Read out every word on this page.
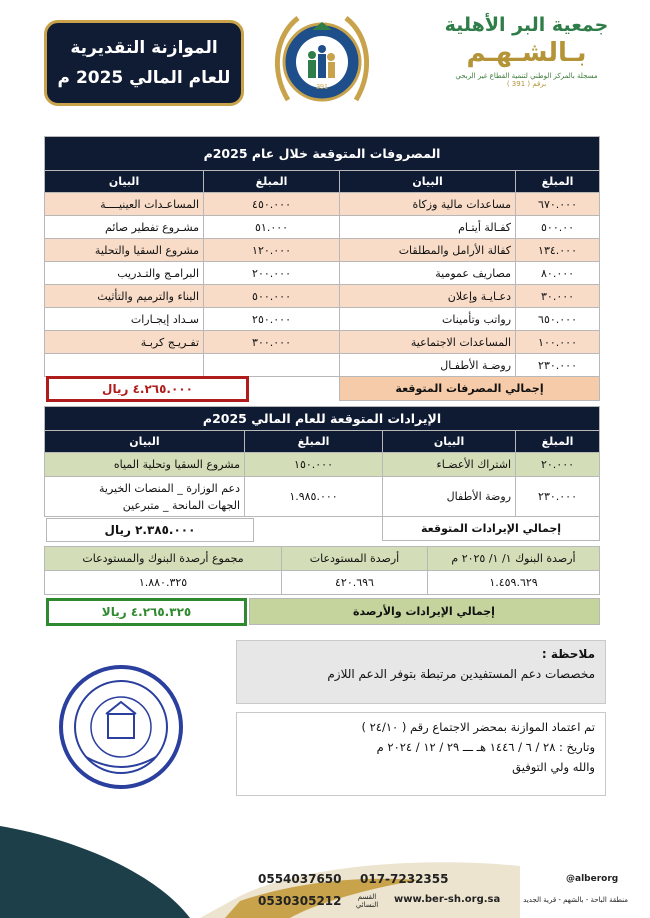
الموازنة التقديرية
للعام المالي 2025 م	391
جمعية البر الأهلية
بـالشـهـم
مسجلة بالمركز الوطني لتنمية القطاع غير الربحي
برقم ( 391 )
المصروفات المتوقعة خلال عام 2025م			
المبلغ	البيان	المبلغ	البيان
٦٧٠.٠٠٠	مساعدات مالية وزكاة	٤٥٠.٠٠٠	المساعـدات العينيــــة
٥٠٠.٠٠	كفـالة أيتـام	٥١.٠٠٠	مشـروع تفطير صائم
١٣٤.٠٠٠	كفالة الأرامل والمطلقات	١٢٠.٠٠٠	مشروع السقيا والتحلية
٨٠.٠٠٠	مصاريف عمومية	٢٠٠.٠٠٠	البرامـج والتـدريب
٣٠.٠٠٠	دعـايـة وإعلان	٥٠٠.٠٠٠	البناء والترميم والتأثيث
٦٥٠.٠٠٠	رواتب وتأمينات	٢٥٠.٠٠٠	سـداد إيجـارات
١٠٠.٠٠٠	المساعدات الاجتماعية	٣٠٠.٠٠٠	تفـريـج كربـة
٢٣٠.٠٠٠	روضـة الأطفـال		
إجمالي المصرفات المتوقعة			
٤.٢٦٥.٠٠٠ ريال
الإيرادات المتوقعة للعام المالي 2025م			
المبلغ	البيان	المبلغ	البيان
٢٠.٠٠٠	اشتراك الأعضـاء	١٥٠.٠٠٠	مشروع السقيا وتحلية المياه
٢٣٠.٠٠٠	روضة الأطفال	١.٩٨٥.٠٠٠	دعم الوزارة _ المنصات الخيرية
الجهات المانحة _ متبرعين

إجمالي الإيرادات المتوقعة			
٢.٣٨٥.٠٠٠ ريال
أرصدة البنوك ١/ ١/ ٢٠٢٥ م	أرصدة المستودعات	مجموع أرصدة البنوك والمستودعات
١.٤٥٩.٦٢٩	٤٢٠.٦٩٦	١.٨٨٠.٣٢٥
إجمالي الإيرادات والأرصدة	
٤.٢٦٥.٣٢٥ ريالا
ملاحظة :
مخصصات دعم المستفيدين مرتبطة بتوفر الدعم اللازم
تم اعتماد الموازنة بمحضر الاجتماع رقم ( ٢٤/١٠ )
وتاريخ : ٢٨ / ٦ / ١٤٤٦ هـ ـــ ٢٩ / ١٢ / ٢٠٢٤ م
والله ولي التوفيق
0554037650 017-7232355	@alberorg
0530305212	القسم النسائي	www.ber-sh.org.sa	منطقة الباحة - بالشهم - قرية الجديد
